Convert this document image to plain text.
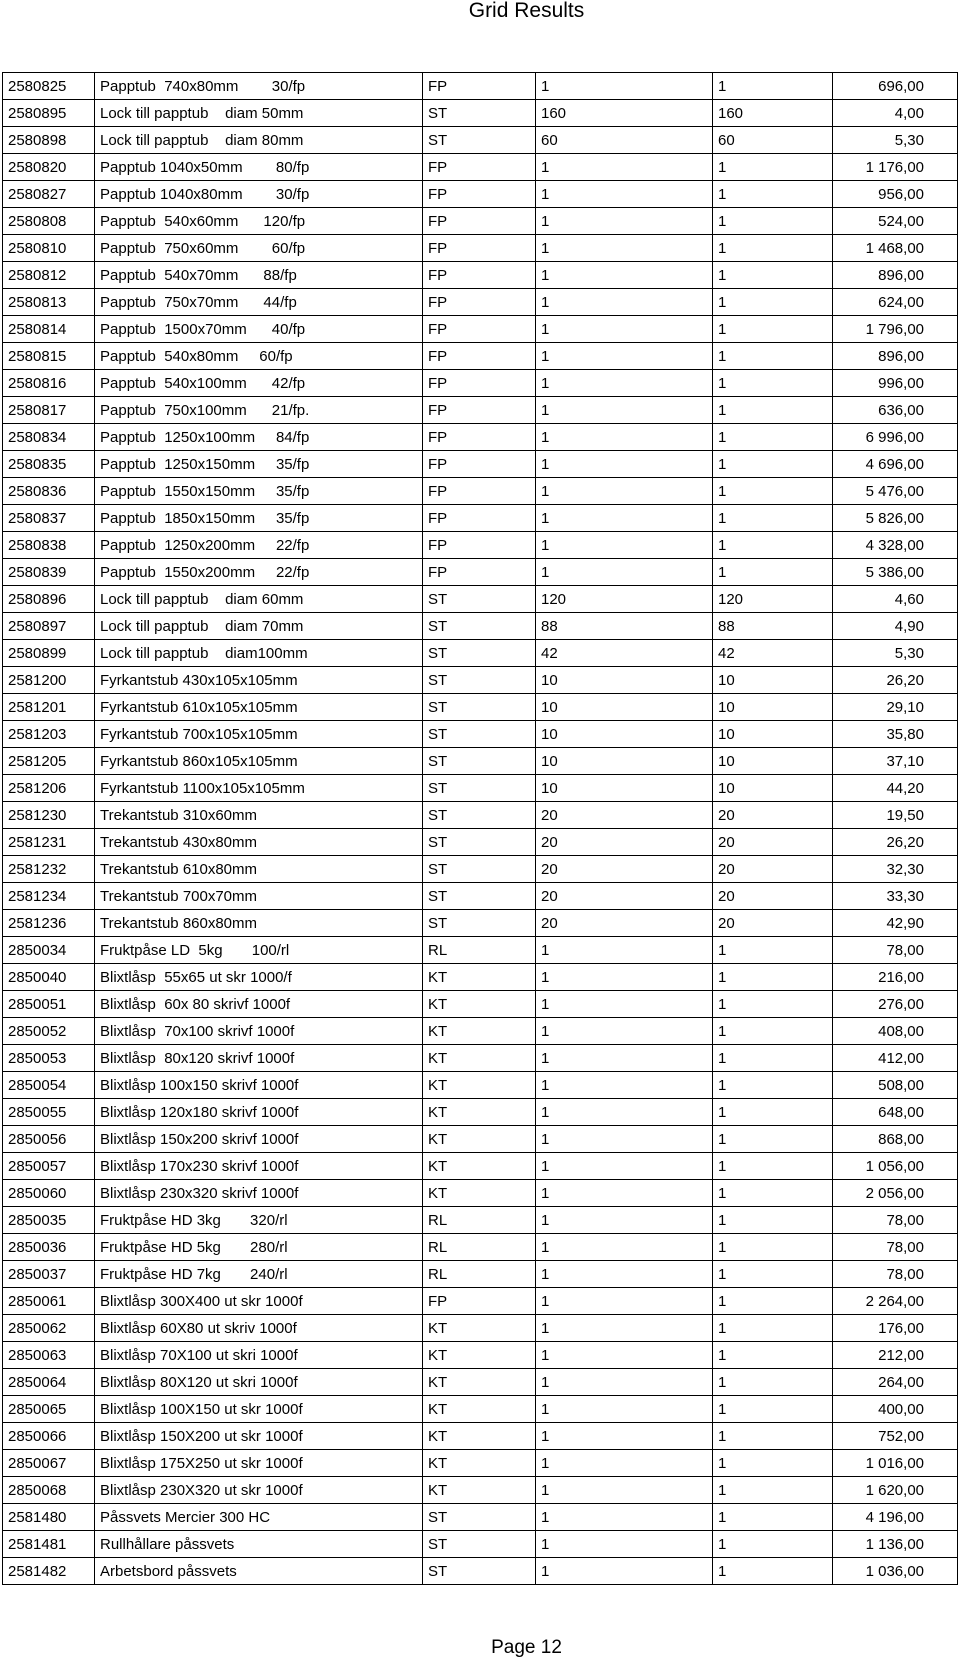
Grid Results
2580825	Papptub  740x80mm        30/fp	FP	1	1	696,00
2580895	Lock till papptub    diam 50mm	ST	160	160	4,00
2580898	Lock till papptub    diam 80mm	ST	60	60	5,30
2580820	Papptub 1040x50mm        80/fp	FP	1	1	1 176,00
2580827	Papptub 1040x80mm        30/fp	FP	1	1	956,00
2580808	Papptub  540x60mm      120/fp	FP	1	1	524,00
2580810	Papptub  750x60mm        60/fp	FP	1	1	1 468,00
2580812	Papptub  540x70mm      88/fp	FP	1	1	896,00
2580813	Papptub  750x70mm      44/fp	FP	1	1	624,00
2580814	Papptub  1500x70mm      40/fp	FP	1	1	1 796,00
2580815	Papptub  540x80mm     60/fp	FP	1	1	896,00
2580816	Papptub  540x100mm      42/fp	FP	1	1	996,00
2580817	Papptub  750x100mm      21/fp.	FP	1	1	636,00
2580834	Papptub  1250x100mm     84/fp	FP	1	1	6 996,00
2580835	Papptub  1250x150mm     35/fp	FP	1	1	4 696,00
2580836	Papptub  1550x150mm     35/fp	FP	1	1	5 476,00
2580837	Papptub  1850x150mm     35/fp	FP	1	1	5 826,00
2580838	Papptub  1250x200mm     22/fp	FP	1	1	4 328,00
2580839	Papptub  1550x200mm     22/fp	FP	1	1	5 386,00
2580896	Lock till papptub    diam 60mm	ST	120	120	4,60
2580897	Lock till papptub    diam 70mm	ST	88	88	4,90
2580899	Lock till papptub    diam100mm	ST	42	42	5,30
2581200	Fyrkantstub 430x105x105mm	ST	10	10	26,20
2581201	Fyrkantstub 610x105x105mm	ST	10	10	29,10
2581203	Fyrkantstub 700x105x105mm	ST	10	10	35,80
2581205	Fyrkantstub 860x105x105mm	ST	10	10	37,10
2581206	Fyrkantstub 1100x105x105mm	ST	10	10	44,20
2581230	Trekantstub 310x60mm	ST	20	20	19,50
2581231	Trekantstub 430x80mm	ST	20	20	26,20
2581232	Trekantstub 610x80mm	ST	20	20	32,30
2581234	Trekantstub 700x70mm	ST	20	20	33,30
2581236	Trekantstub 860x80mm	ST	20	20	42,90
2850034	Fruktpåse LD  5kg       100/rl	RL	1	1	78,00
2850040	Blixtlåsp  55x65 ut skr 1000/f	KT	1	1	216,00
2850051	Blixtlåsp  60x 80 skrivf 1000f	KT	1	1	276,00
2850052	Blixtlåsp  70x100 skrivf 1000f	KT	1	1	408,00
2850053	Blixtlåsp  80x120 skrivf 1000f	KT	1	1	412,00
2850054	Blixtlåsp 100x150 skrivf 1000f	KT	1	1	508,00
2850055	Blixtlåsp 120x180 skrivf 1000f	KT	1	1	648,00
2850056	Blixtlåsp 150x200 skrivf 1000f	KT	1	1	868,00
2850057	Blixtlåsp 170x230 skrivf 1000f	KT	1	1	1 056,00
2850060	Blixtlåsp 230x320 skrivf 1000f	KT	1	1	2 056,00
2850035	Fruktpåse HD 3kg       320/rl	RL	1	1	78,00
2850036	Fruktpåse HD 5kg       280/rl	RL	1	1	78,00
2850037	Fruktpåse HD 7kg       240/rl	RL	1	1	78,00
2850061	Blixtlåsp 300X400 ut skr 1000f	FP	1	1	2 264,00
2850062	Blixtlåsp 60X80 ut skriv 1000f	KT	1	1	176,00
2850063	Blixtlåsp 70X100 ut skri 1000f	KT	1	1	212,00
2850064	Blixtlåsp 80X120 ut skri 1000f	KT	1	1	264,00
2850065	Blixtlåsp 100X150 ut skr 1000f	KT	1	1	400,00
2850066	Blixtlåsp 150X200 ut skr 1000f	KT	1	1	752,00
2850067	Blixtlåsp 175X250 ut skr 1000f	KT	1	1	1 016,00
2850068	Blixtlåsp 230X320 ut skr 1000f	KT	1	1	1 620,00
2581480	Påssvets Mercier 300 HC	ST	1	1	4 196,00
2581481	Rullhållare påssvets	ST	1	1	1 136,00
2581482	Arbetsbord påssvets	ST	1	1	1 036,00
Page 12
